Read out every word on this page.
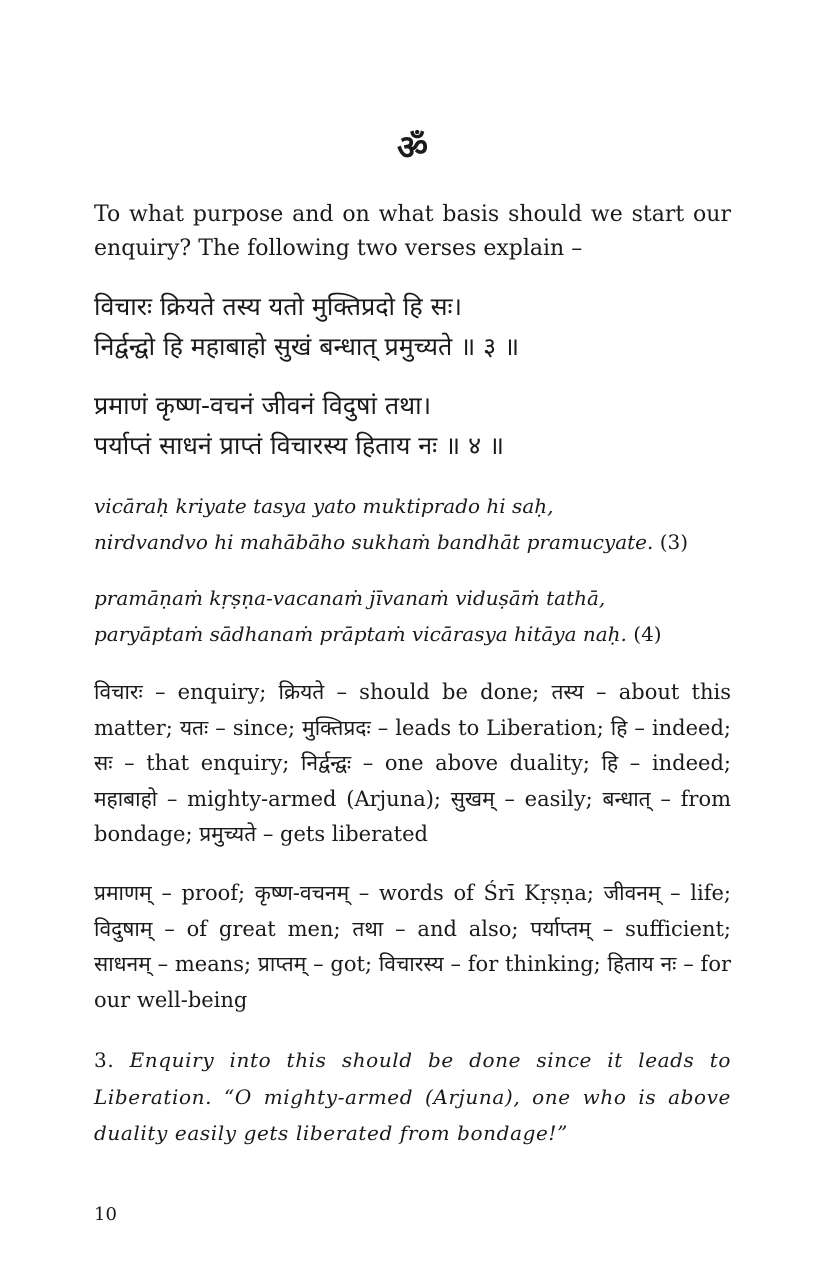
ॐ

To what purpose and on what basis should we start our enquiry? The following two verses explain –

विचारः क्रियते तस्य यतो मुक्तिप्रदो हि सः।
निर्द्वन्द्वो हि महाबाहो सुखं बन्धात् प्रमुच्यते ॥ ३ ॥
प्रमाणं कृष्ण-वचनं जीवनं विदुषां तथा।
पर्याप्तं साधनं प्राप्तं विचारस्य हिताय नः ॥ ४ ॥
vicāraḥ kriyate tasya yato muktiprado hi saḥ,
nirdvandvo hi mahābāho sukhaṁ bandhāt pramucyate. (3)
pramāṇaṁ kṛṣṇa-vacanaṁ jīvanaṁ viduṣāṁ tathā,
paryāptaṁ sādhanaṁ prāptaṁ vicārasya hitāya naḥ. (4)

विचारः – enquiry; क्रियते – should be done; तस्य – about this matter; यतः – since; मुक्तिप्रदः – leads to Liberation; हि – indeed; सः – that enquiry; निर्द्वन्द्वः – one above duality; हि – indeed; महाबाहो – mighty-armed (Arjuna); सुखम् – easily; बन्धात् – from bondage; प्रमुच्यते – gets liberated

प्रमाणम् – proof; कृष्ण-वचनम् – words of Śrī Kṛṣṇa; जीवनम् – life; विदुषाम् – of great men; तथा – and also; पर्याप्तम् – sufficient; साधनम् – means; प्राप्तम् – got; विचारस्य – for thinking; हिताय नः – for our well-being

3. Enquiry into this should be done since it leads to Liberation. “O mighty-armed (Arjuna), one who is above duality easily gets liberated from bondage!”

10
